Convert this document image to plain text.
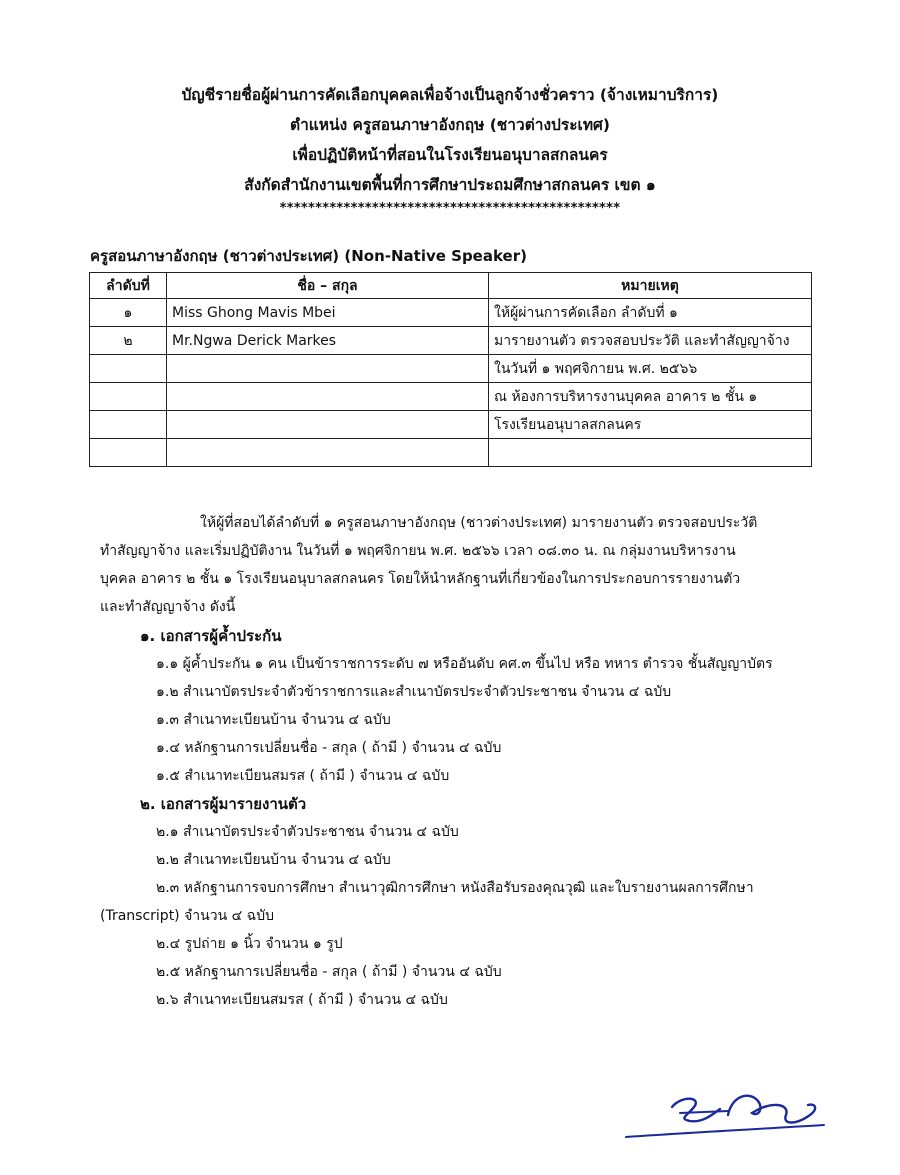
บัญชีรายชื่อผู้ผ่านการคัดเลือกบุคคลเพื่อจ้างเป็นลูกจ้างชั่วคราว (จ้างเหมาบริการ)
ตำแหน่ง ครูสอนภาษาอังกฤษ (ชาวต่างประเทศ)
เพื่อปฏิบัติหน้าที่สอนในโรงเรียนอนุบาลสกลนคร
สังกัดสำนักงานเขตพื้นที่การศึกษาประถมศึกษาสกลนคร เขต ๑
************************************************
ครูสอนภาษาอังกฤษ (ชาวต่างประเทศ) (Non-Native Speaker)
ลำดับที่	ชื่อ – สกุล	หมายเหตุ
๑	Miss Ghong Mavis Mbei	ให้ผู้ผ่านการคัดเลือก ลำดับที่ ๑
๒	Mr.Ngwa Derick Markes	มารายงานตัว ตรวจสอบประวัติ และทำสัญญาจ้าง
		ในวันที่ ๑ พฤศจิกายน พ.ศ. ๒๕๖๖
		ณ ห้องการบริหารงานบุคคล อาคาร ๒ ชั้น ๑
		โรงเรียนอนุบาลสกลนคร

ให้ผู้ที่สอบได้ลำดับที่ ๑ ครูสอนภาษาอังกฤษ (ชาวต่างประเทศ) มารายงานตัว ตรวจสอบประวัติ
ทำสัญญาจ้าง และเริ่มปฏิบัติงาน ในวันที่ ๑ พฤศจิกายน พ.ศ. ๒๕๖๖ เวลา ๐๘.๓๐ น. ณ กลุ่มงานบริหารงาน
บุคคล อาคาร ๒ ชั้น ๑ โรงเรียนอนุบาลสกลนคร โดยให้นำหลักฐานที่เกี่ยวข้องในการประกอบการรายงานตัว
และทำสัญญาจ้าง ดังนี้
๑. เอกสารผู้ค้ำประกัน
๑.๑ ผู้ค้ำประกัน ๑ คน เป็นข้าราชการระดับ ๗ หรืออันดับ คศ.๓ ขึ้นไป หรือ ทหาร ตำรวจ ชั้นสัญญาบัตร
๑.๒ สำเนาบัตรประจำตัวข้าราชการและสำเนาบัตรประจำตัวประชาชน จำนวน ๔ ฉบับ
๑.๓ สำเนาทะเบียนบ้าน จำนวน ๔ ฉบับ
๑.๔ หลักฐานการเปลี่ยนชื่อ - สกุล ( ถ้ามี ) จำนวน ๔ ฉบับ
๑.๕ สำเนาทะเบียนสมรส ( ถ้ามี ) จำนวน ๔ ฉบับ
๒. เอกสารผู้มารายงานตัว
๒.๑ สำเนาบัตรประจำตัวประชาชน จำนวน ๔ ฉบับ
๒.๒ สำเนาทะเบียนบ้าน จำนวน ๔ ฉบับ
๒.๓ หลักฐานการจบการศึกษา สำเนาวุฒิการศึกษา หนังสือรับรองคุณวุฒิ และใบรายงานผลการศึกษา
(Transcript) จำนวน ๔ ฉบับ
๒.๔ รูปถ่าย ๑ นิ้ว จำนวน ๑ รูป
๒.๕ หลักฐานการเปลี่ยนชื่อ - สกุล ( ถ้ามี ) จำนวน ๔ ฉบับ
๒.๖ สำเนาทะเบียนสมรส ( ถ้ามี ) จำนวน ๔ ฉบับ
